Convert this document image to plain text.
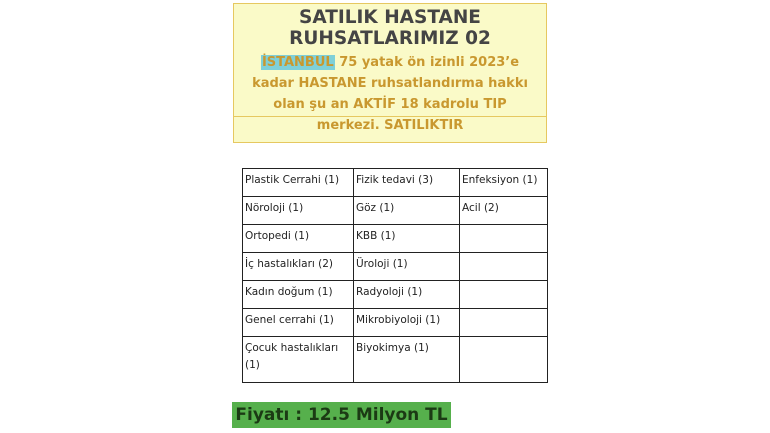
SATILIK HASTANE RUHSATLARIMIZ 02

İSTANBUL 75 yatak ön izinli 2023’e kadar HASTANE ruhsatlandırma hakkı olan şu an AKTİF 18 kadrolu TIP merkezi. SATILIKTIR

Plastik Cerrahi (1)	Fizik tedavi (3)	Enfeksiyon (1)
Nöroloji (1)	Göz (1)	Acil (2)
Ortopedi (1)	KBB (1)	
İç hastalıkları (2)	Üroloji (1)	
Kadın doğum (1)	Radyoloji (1)	
Genel cerrahi (1)	Mikrobiyoloji (1)	
Çocuk hastalıkları (1)	Biyokimya (1)	
Fiyatı : 12.5 Milyon TL
